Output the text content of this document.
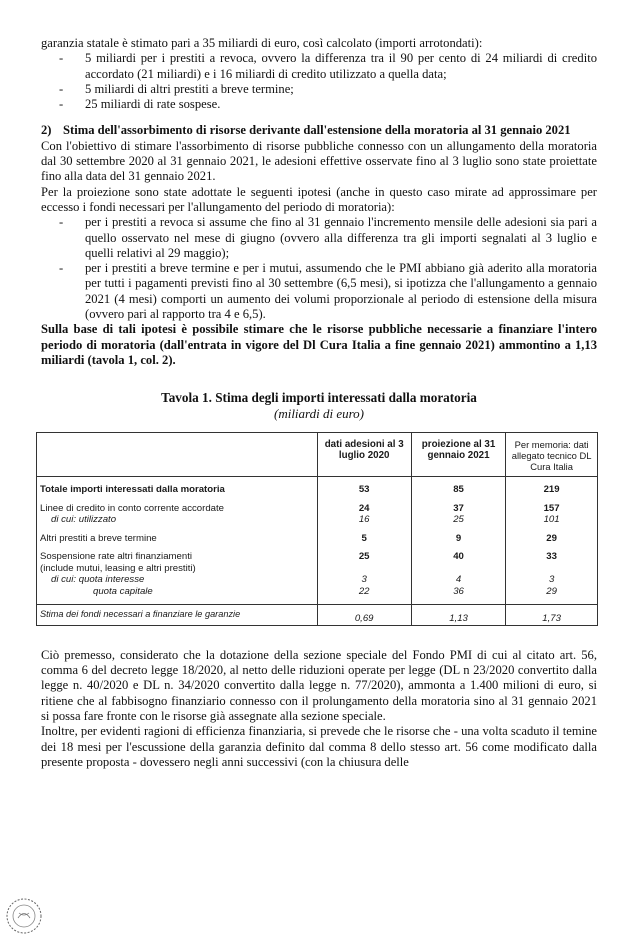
garanzia statale è stimato pari a 35 miliardi di euro, così calcolato (importi arrotondati):

- 5 miliardi per i prestiti a revoca, ovvero la differenza tra il 90 per cento di 24 miliardi di credito accordato (21 miliardi) e i 16 miliardi di credito utilizzato a quella data;
- 5 miliardi di altri prestiti a breve termine;
- 25 miliardi di rate sospese.
2) Stima dell'assorbimento di risorse derivante dall'estensione della moratoria al 31 gennaio 2021

Con l'obiettivo di stimare l'assorbimento di risorse pubbliche connesso con un allungamento della moratoria dal 30 settembre 2020 al 31 gennaio 2021, le adesioni effettive osservate fino al 3 luglio sono state proiettate fino alla data del 31 gennaio 2021.

Per la proiezione sono state adottate le seguenti ipotesi (anche in questo caso mirate ad approssimare per eccesso i fondi necessari per l'allungamento del periodo di moratoria):

- per i prestiti a revoca si assume che fino al 31 gennaio l'incremento mensile delle adesioni sia pari a quello osservato nel mese di giugno (ovvero alla differenza tra gli importi segnalati al 3 luglio e quelli relativi al 29 maggio);
- per i prestiti a breve termine e per i mutui, assumendo che le PMI abbiano già aderito alla moratoria per tutti i pagamenti previsti fino al 30 settembre (6,5 mesi), si ipotizza che l'allungamento a gennaio 2021 (4 mesi) comporti un aumento dei volumi proporzionale al periodo di estensione della misura (ovvero pari al rapporto tra 4 e 6,5).

Sulla base di tali ipotesi è possibile stimare che le risorse pubbliche necessarie a finanziare l'intero periodo di moratoria (dall'entrata in vigore del Dl Cura Italia a fine gennaio 2021) ammontino a 1,13 miliardi (tavola 1, col. 2).

Tavola 1. Stima degli importi interessati dalla moratoria
(miliardi di euro)
	dati adesioni al 3 luglio 2020	proiezione al 31 gennaio 2021	Per memoria: dati allegato tecnico DL Cura Italia

Totale importi interessati dalla moratoria	53	85	219

Linee di credito in conto corrente accordate	24	37	157
di cui: utilizzato	16	25	101

Altri prestiti a breve termine	5	9	29

Sospensione rate altri finanziamenti	25	40	33
(include mutui, leasing e altri prestiti)			
di cui: quota interesse	3	4	3
quota capitale	22	36	29

Stima dei fondi necessari a finanziare le garanzie	0,69	1,13	1,73

Ciò premesso, considerato che la dotazione della sezione speciale del Fondo PMI di cui al citato art. 56, comma 6 del decreto legge 18/2020, al netto delle riduzioni operate per legge (DL n 23/2020 convertito dalla legge n. 40/2020 e DL n. 34/2020 convertito dalla legge n. 77/2020), ammonta a 1.400 milioni di euro, si ritiene che al fabbisogno finanziario connesso con il prolungamento della moratoria sino al 31 gennaio 2021 si possa fare fronte con le risorse già assegnate alla sezione speciale.

Inoltre, per evidenti ragioni di efficienza finanziaria, si prevede che le risorse che - una volta scaduto il temine dei 18 mesi per l'escussione della garanzia definito dal comma 8 dello stesso art. 56 come modificato dalla presente proposta - dovessero negli anni successivi (con la chiusura delle
